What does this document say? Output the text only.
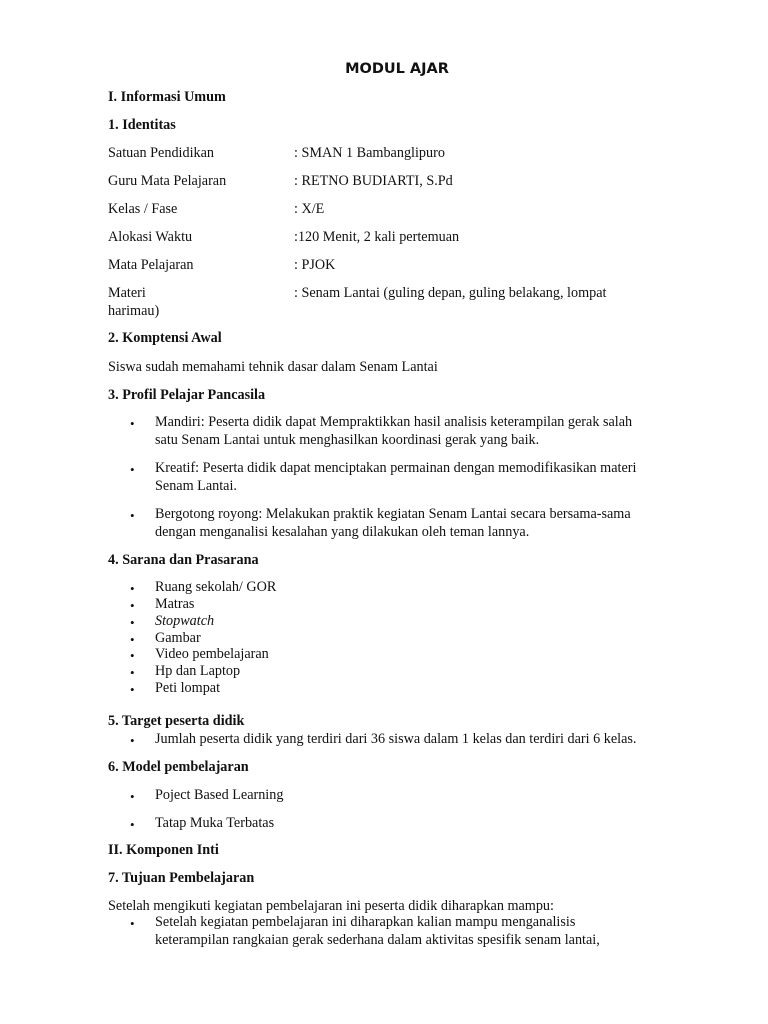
MODUL AJAR
I. Informasi Umum
1. Identitas
Satuan Pendidikan	: SMAN 1 Bambanglipuro
Guru Mata Pelajaran	: RETNO BUDIARTI, S.Pd
Kelas / Fase	: X/E
Alokasi Waktu	:120 Menit, 2 kali pertemuan
Mata Pelajaran	: PJOK
Materi	: Senam Lantai (guling depan, guling belakang, lompat
harimau)
2. Komptensi Awal
Siswa sudah memahami tehnik dasar dalam Senam Lantai
3. Profil Pelajar Pancasila
• Mandiri: Peserta didik dapat Mempraktikkan hasil analisis keterampilan gerak salah
satu Senam Lantai untuk menghasilkan koordinasi gerak yang baik.
• Kreatif: Peserta didik dapat menciptakan permainan dengan memodifikasikan materi
Senam Lantai.
• Bergotong royong: Melakukan praktik kegiatan Senam Lantai secara bersama-sama
dengan menganalisi kesalahan yang dilakukan oleh teman lannya.
4. Sarana dan Prasarana
• Ruang sekolah/ GOR
• Matras
• Stopwatch
• Gambar
• Video pembelajaran
• Hp dan Laptop
• Peti lompat
5. Target peserta didik
• Jumlah peserta didik yang terdiri dari 36 siswa dalam 1 kelas dan terdiri dari 6 kelas.
6. Model pembelajaran
• Poject Based Learning
• Tatap Muka Terbatas
II. Komponen Inti
7. Tujuan Pembelajaran
Setelah mengikuti kegiatan pembelajaran ini peserta didik diharapkan mampu:
• Setelah kegiatan pembelajaran ini diharapkan kalian mampu menganalisis
keterampilan rangkaian gerak sederhana dalam aktivitas spesifik senam lantai,
